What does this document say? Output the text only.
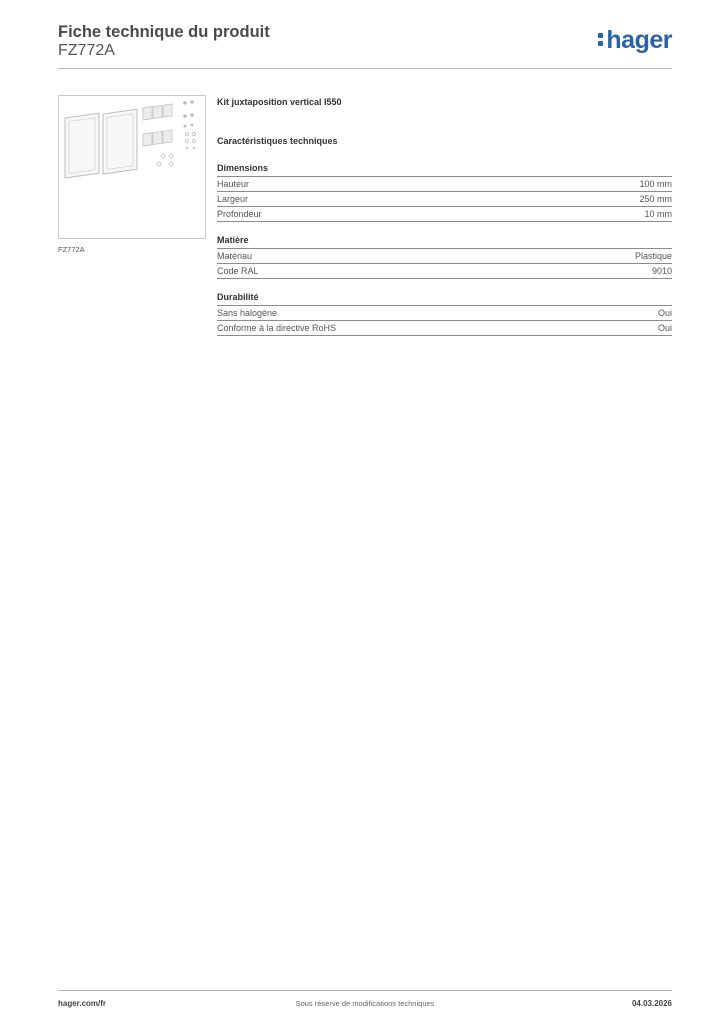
Fiche technique du produit
FZ772A	hager
FZ772A
Kit juxtaposition vertical I550
Caractéristiques techniques
Dimensions
Hauteur	100 mm
Largeur	250 mm
Profondeur	10 mm
Matière
Matériau	Plastique
Code RAL	9010
Durabilité
Sans halogène	Oui
Conforme à la directive RoHS	Oui
hager.com/fr	Sous réserve de modifications techniques	04.03.2026
